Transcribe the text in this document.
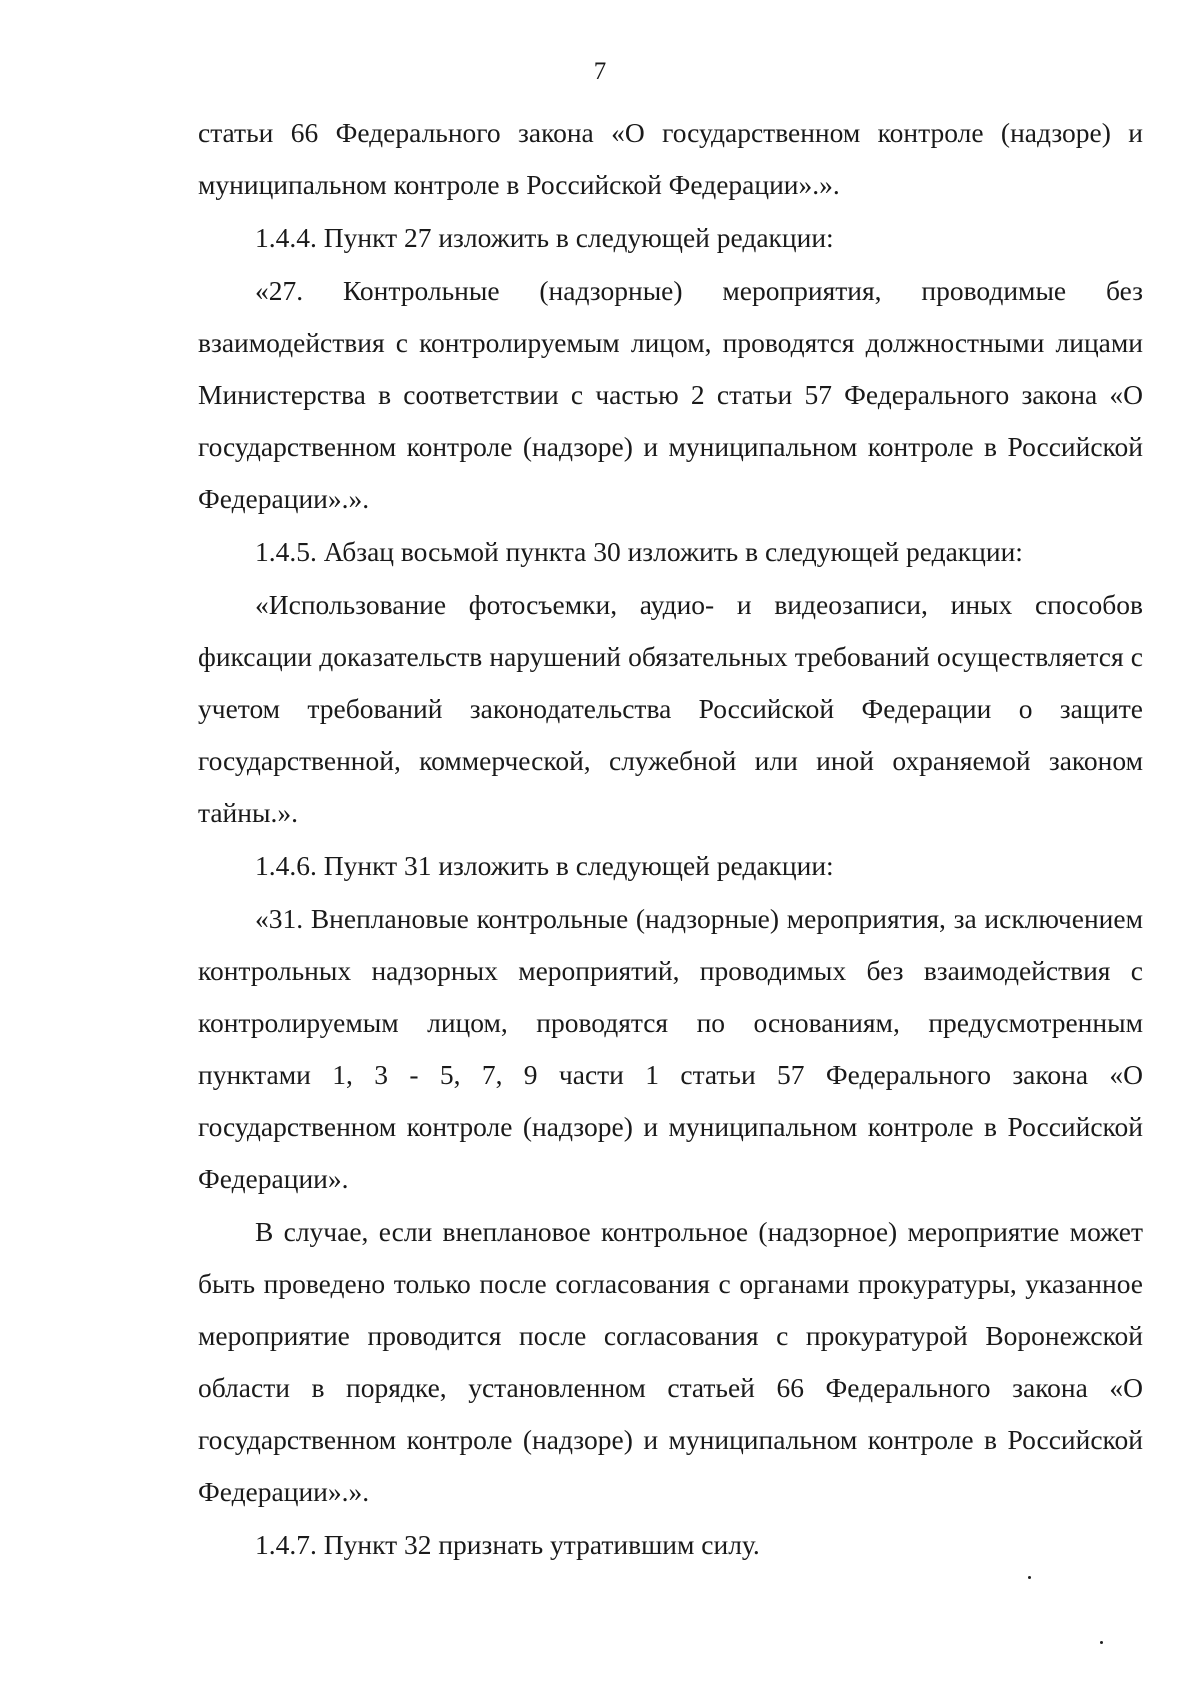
7

статьи 66 Федерального закона «О государственном контроле (надзоре) и муниципальном контроле в Российской Федерации».».

1.4.4. Пункт 27 изложить в следующей редакции:

«27. Контрольные (надзорные) мероприятия, проводимые без взаимодействия с контролируемым лицом, проводятся должностными лицами Министерства в соответствии с частью 2 статьи 57 Федерального закона «О государственном контроле (надзоре) и муниципальном контроле в Российской Федерации».».

1.4.5. Абзац восьмой пункта 30 изложить в следующей редакции:

«Использование фотосъемки, аудио- и видеозаписи, иных способов фиксации доказательств нарушений обязательных требований осуществляется с учетом требований законодательства Российской Федерации о защите государственной, коммерческой, служебной или иной охраняемой законом тайны.».

1.4.6. Пункт 31 изложить в следующей редакции:

«31. Внеплановые контрольные (надзорные) мероприятия, за исключением контрольных надзорных мероприятий, проводимых без взаимодействия с контролируемым лицом, проводятся по основаниям, предусмотренным пунктами 1, 3 - 5, 7, 9 части 1 статьи 57 Федерального закона «О государственном контроле (надзоре) и муниципальном контроле в Российской Федерации».

В случае, если внеплановое контрольное (надзорное) мероприятие может быть проведено только после согласования с органами прокуратуры, указанное мероприятие проводится после согласования с прокуратурой Воронежской области в порядке, установленном статьей 66 Федерального закона «О государственном контроле (надзоре) и муниципальном контроле в Российской Федерации».».

1.4.7. Пункт 32 признать утратившим силу.
